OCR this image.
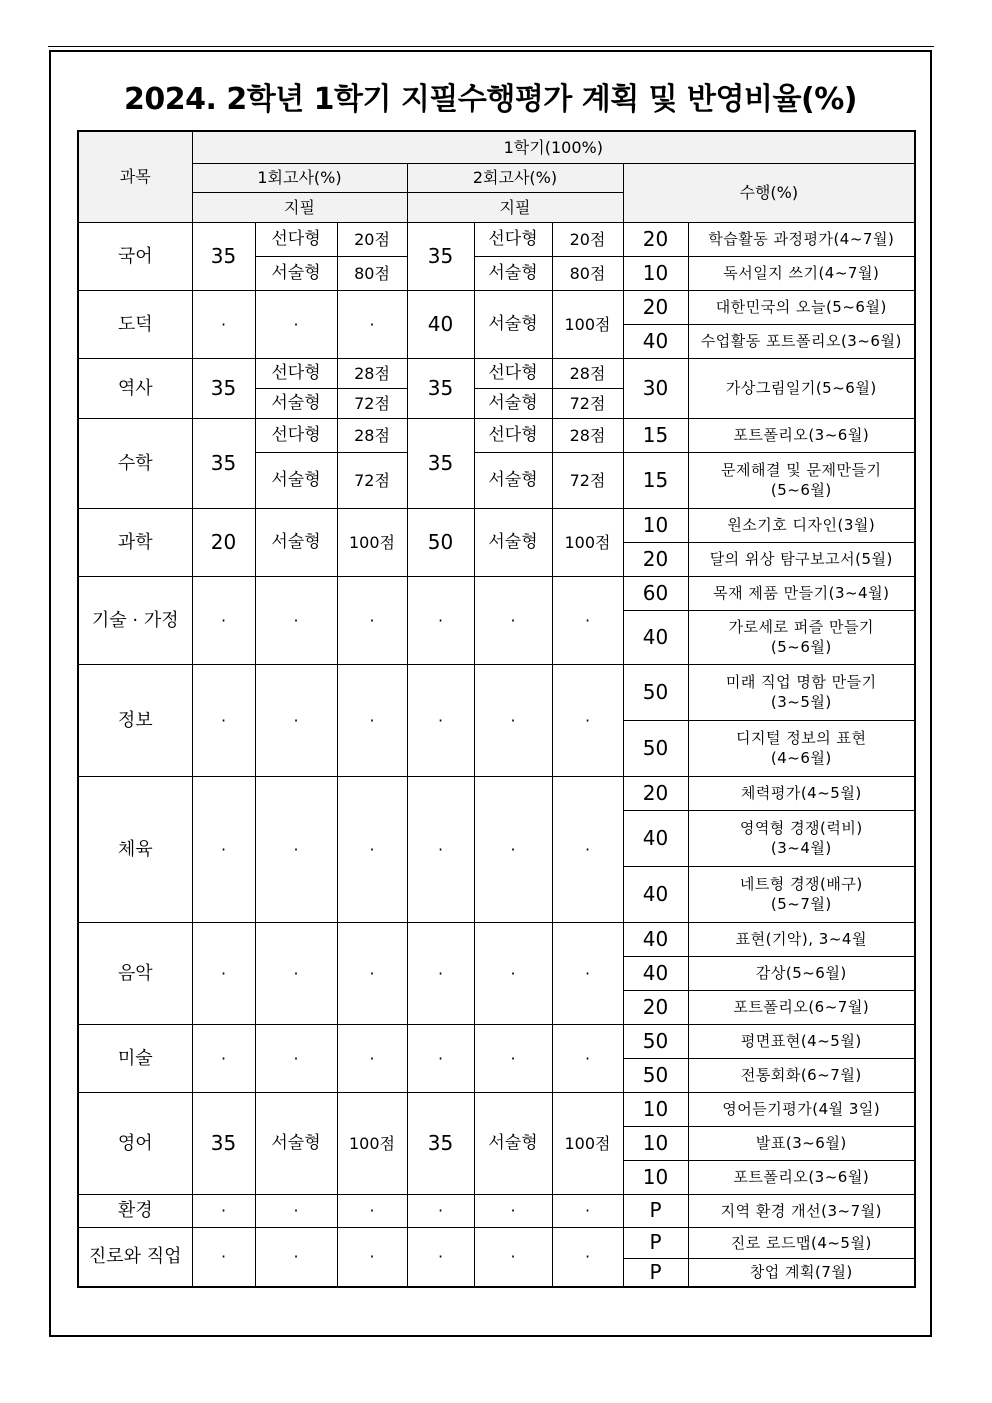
2024. 2학년 1학기 지필수행평가 계획 및 반영비율(%)
과목	1학기(100%)							
	1회고사(%)			2회고사(%)			수행(%)	
	지필			지필				
국어	35	선다형	20점	35	선다형	20점	20	학습활동 과정평가(4~7월)
		서술형	80점		서술형	80점	10	독서일지 쓰기(4~7월)
도덕	·	·	·	40	서술형	100점	20	대한민국의 오늘(5~6월)
							40	수업활동 포트폴리오(3~6월)
역사	35	선다형	28점	35	선다형	28점	30	가상그림일기(5~6월)
		서술형	72점		서술형	72점		
수학	35	선다형	28점	35	선다형	28점	15	포트폴리오(3~6월)
		서술형	72점		서술형	72점	15	문제해결 및 문제만들기
(5~6월)

과학	20	서술형	100점	50	서술형	100점	10	원소기호 디자인(3월)
							20	달의 위상 탐구보고서(5월)
기술 · 가정	·	·	·	·	·	·	60	목재 제품 만들기(3~4월)
							40	가로세로 퍼즐 만들기
(5~6월)

정보	·	·	·	·	·	·	50	미래 직업 명함 만들기
(3~5월)

							50	디지털 정보의 표현
(4~6월)

체육	·	·	·	·	·	·	20	체력평가(4~5월)
							40	영역형 경쟁(럭비)
(3~4월)

							40	네트형 경쟁(배구)
(5~7월)

음악	·	·	·	·	·	·	40	표현(기악), 3~4월
							40	감상(5~6월)
							20	포트폴리오(6~7월)
미술	·	·	·	·	·	·	50	평면표현(4~5월)
							50	전통회화(6~7월)
영어	35	서술형	100점	35	서술형	100점	10	영어듣기평가(4월 3일)
							10	발표(3~6월)
							10	포트폴리오(3~6월)
환경	·	·	·	·	·	·	P	지역 환경 개선(3~7월)
진로와 직업	·	·	·	·	·	·	P	진로 로드맵(4~5월)
							P	창업 계획(7월)
